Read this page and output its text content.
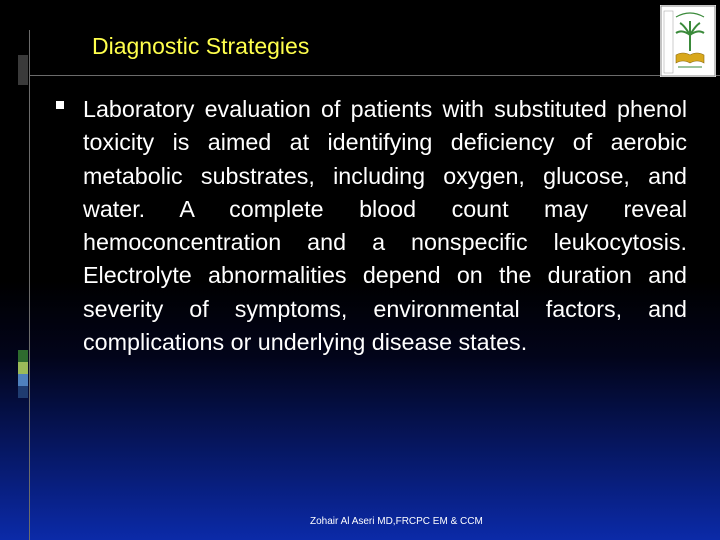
Diagnostic Strategies

Laboratory evaluation of patients with substituted phenol toxicity is aimed at identifying deficiency of aerobic metabolic substrates, including oxygen, glucose, and water. A complete blood count may reveal hemoconcentration and a nonspecific leukocytosis. Electrolyte abnormalities depend on the duration and severity of symptoms, environmental factors, and complications or underlying disease states.

Zohair Al Aseri MD,FRCPC EM & CCM
